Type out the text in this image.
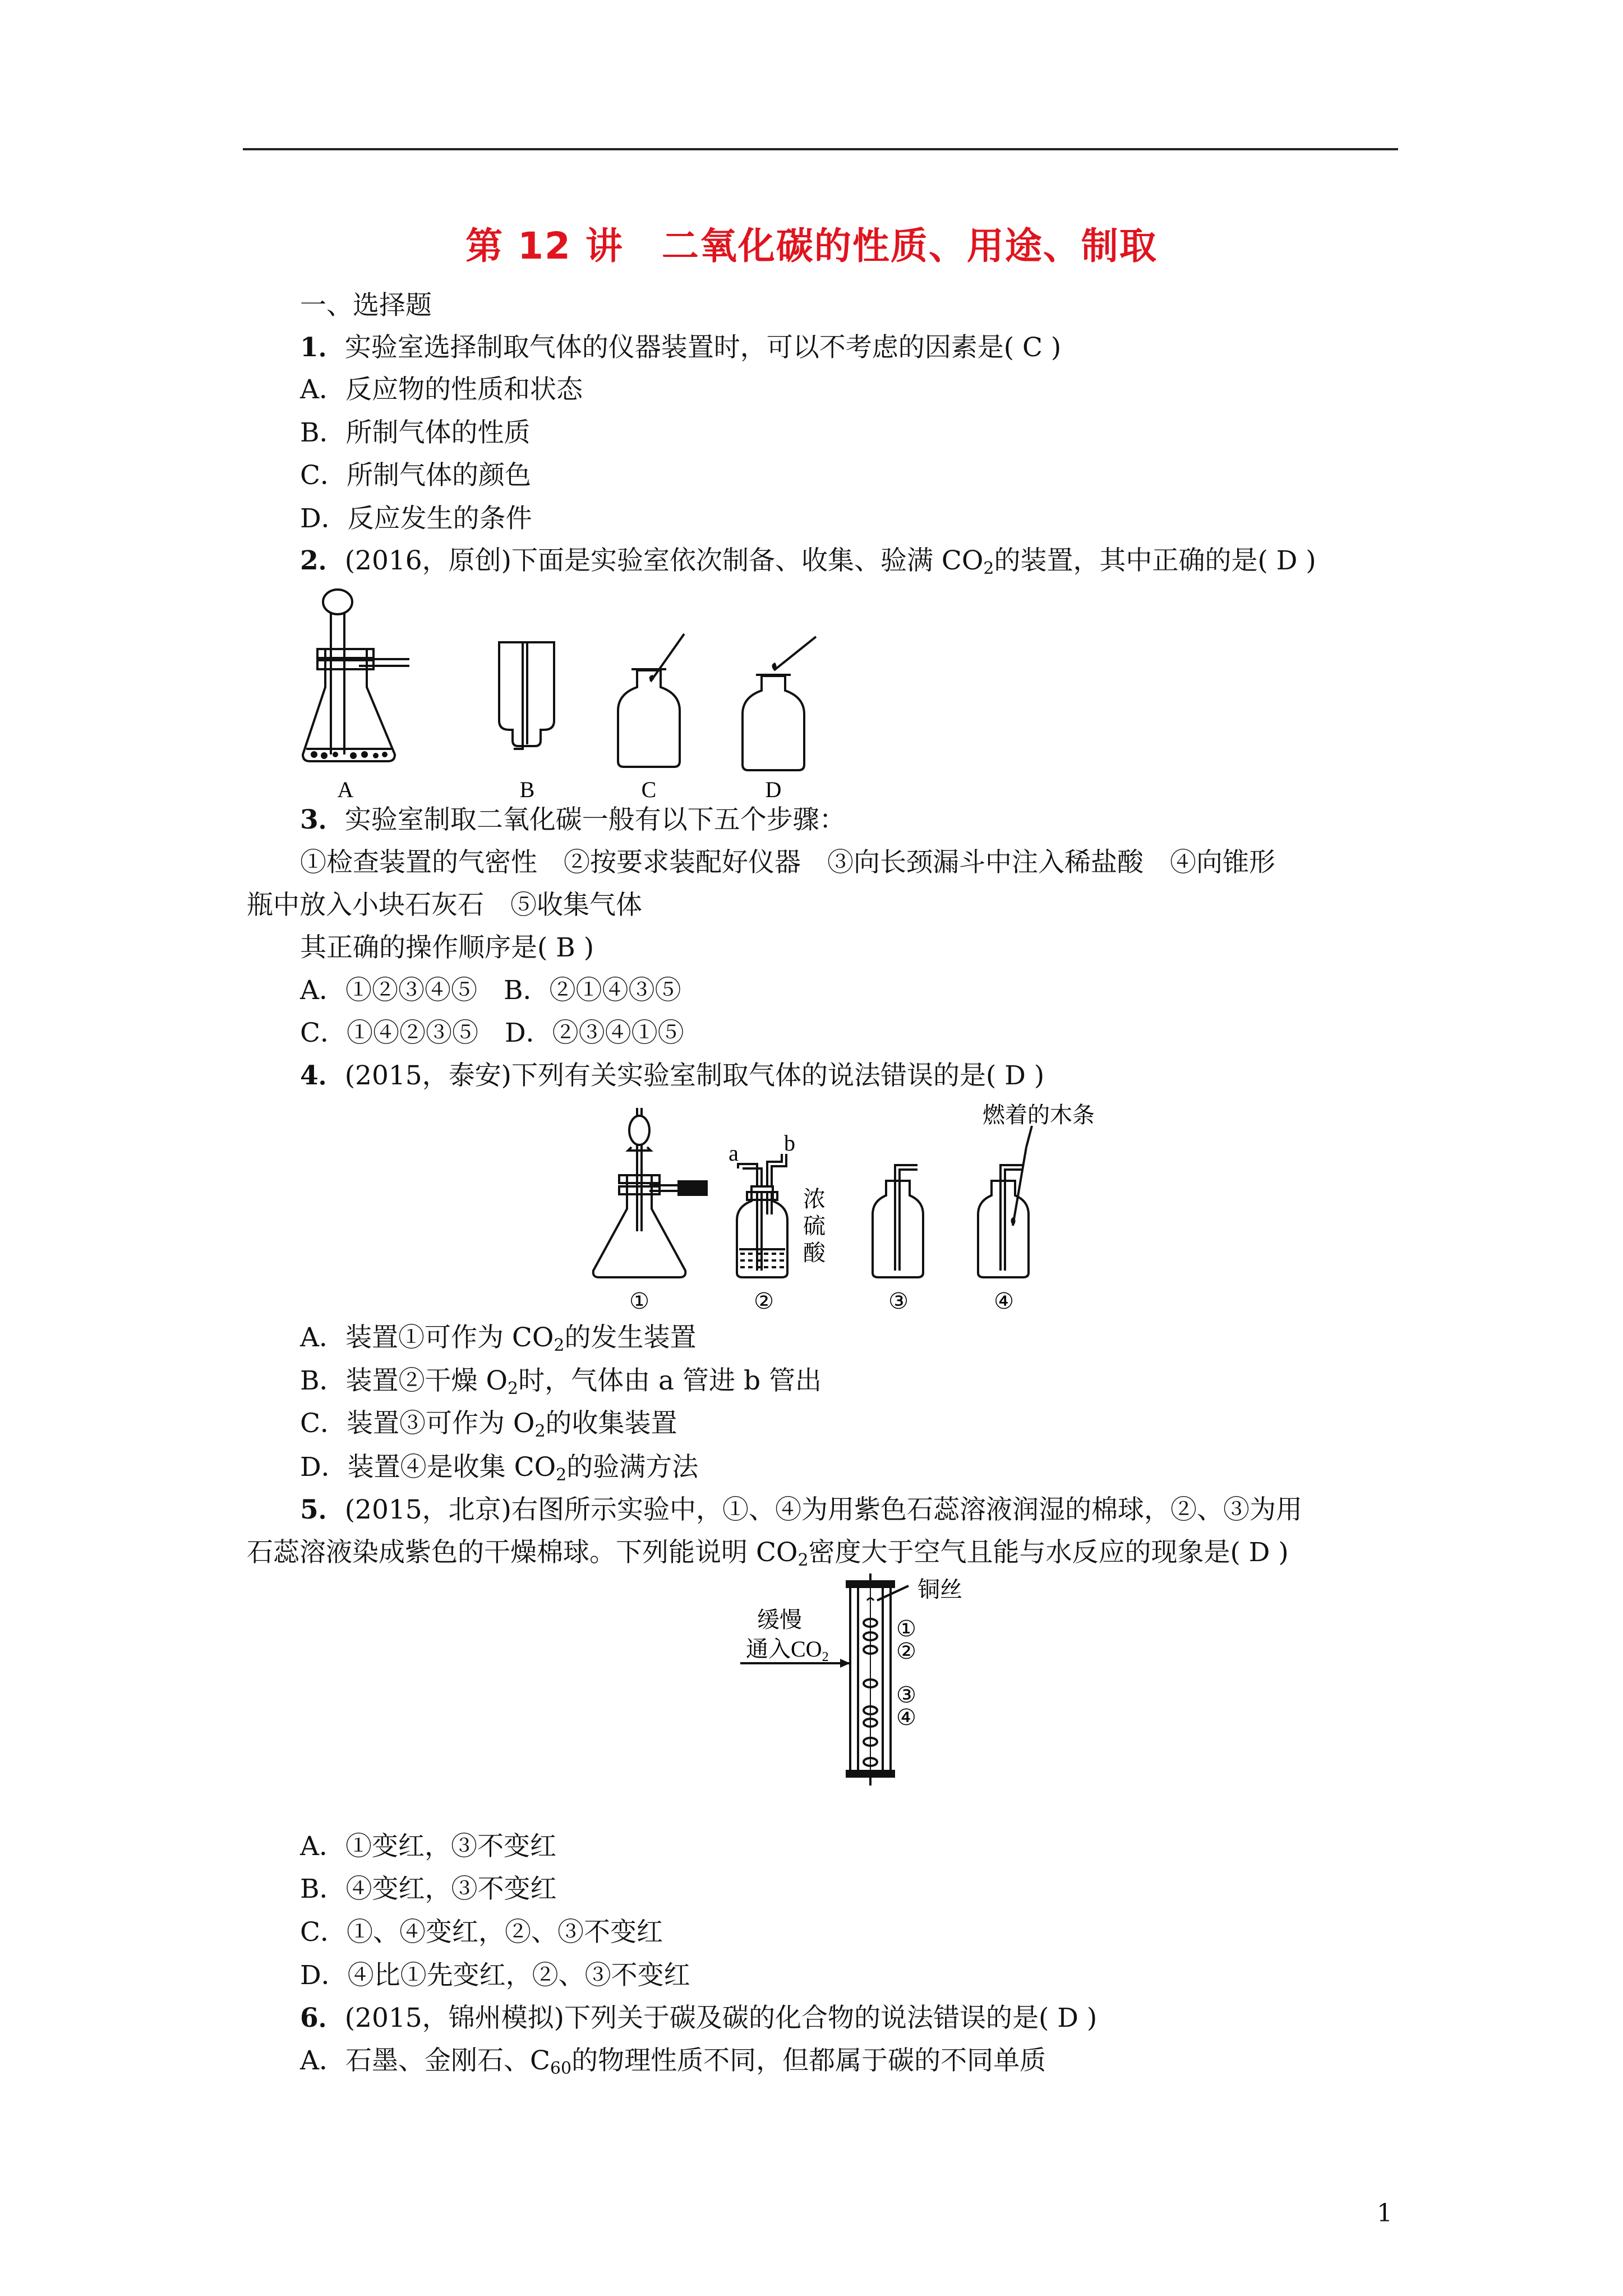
第 12 讲　二氧化碳的性质、用途、制取
一、选择题
1．实验室选择制取气体的仪器装置时，可以不考虑的因素是( C )
A．反应物的性质和状态
B．所制气体的性质
C．所制气体的颜色
D．反应发生的条件
2．(2016，原创)下面是实验室依次制备、收集、验满 $CO_2$的装置，其中正确的是( D )
A	B	C	D
3．实验室制取二氧化碳一般有以下五个步骤：
①检查装置的气密性　②按要求装配好仪器　③向长颈漏斗中注入稀盐酸　④向锥形
瓶中放入小块石灰石　⑤收集气体
其正确的操作顺序是( B )
A．①②③④⑤　B．②①④③⑤
C．①④②③⑤　D．②③④①⑤
4．(2015，泰安)下列有关实验室制取气体的说法错误的是( D )
a b
浓
硫
酸
燃着的木条
①	②	③	④
A．装置①可作为 $CO_2$的发生装置
B．装置②干燥 $O_2$时，气体由 a 管进 b 管出
C．装置③可作为 $O_2$的收集装置
D．装置④是收集 $CO_2$的验满方法
5．(2015，北京)右图所示实验中，①、④为用紫色石蕊溶液润湿的棉球，②、③为用
石蕊溶液染成紫色的干燥棉球。下列能说明 $CO_2$密度大于空气且能与水反应的现象是( D )
铜丝
缓慢
通入$CO_2$
①
②
③
④
A．①变红，③不变红
B．④变红，③不变红
C．①、④变红，②、③不变红
D．④比①先变红，②、③不变红
6．(2015，锦州模拟)下列关于碳及碳的化合物的说法错误的是( D )
A．石墨、金刚石、$C_{60}$的物理性质不同，但都属于碳的不同单质
1
